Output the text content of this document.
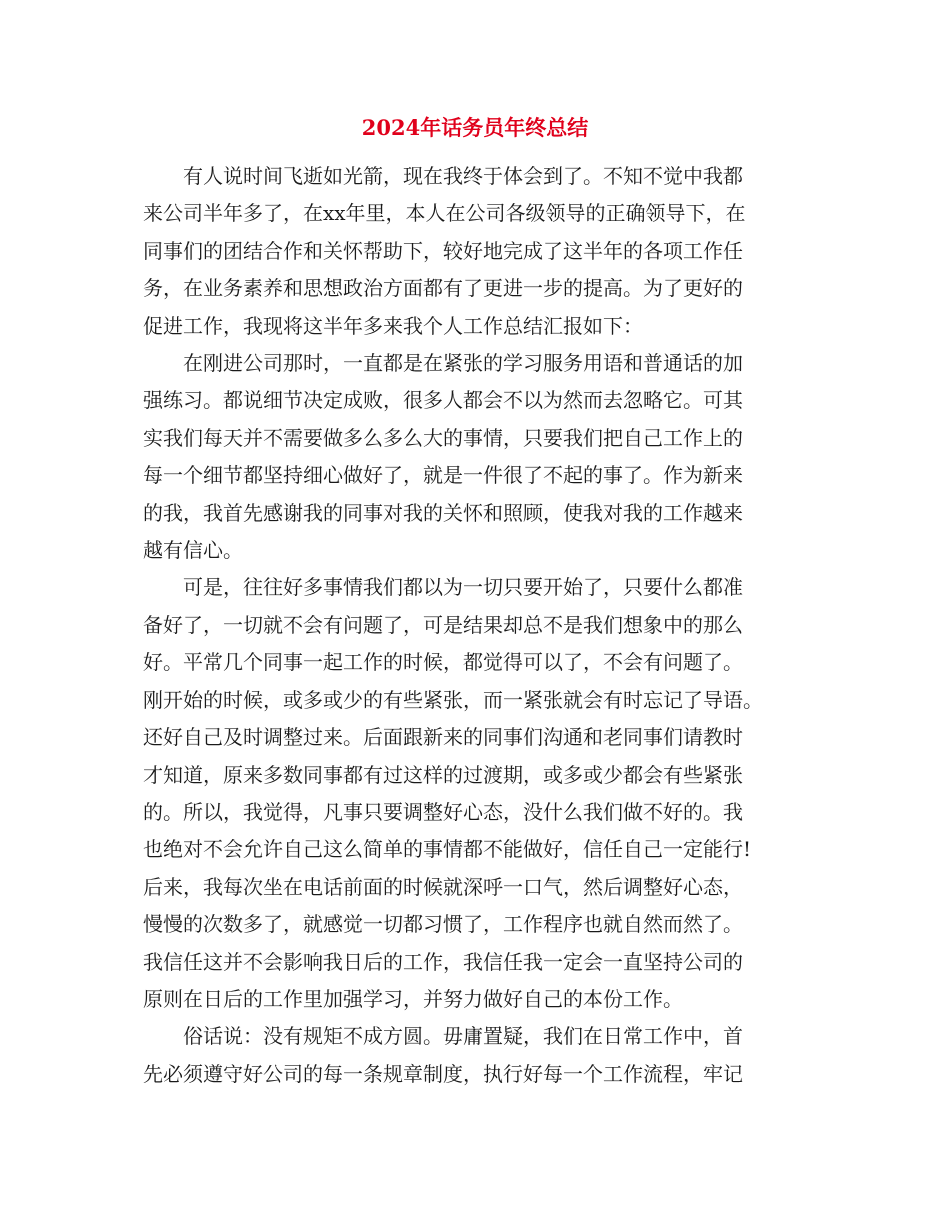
2024年话务员年终总结
有人说时间飞逝如光箭，现在我终于体会到了。不知不觉中我都
来公司半年多了，在xx年里，本人在公司各级领导的正确领导下，在
同事们的团结合作和关怀帮助下，较好地完成了这半年的各项工作任
务，在业务素养和思想政治方面都有了更进一步的提高。为了更好的
促进工作，我现将这半年多来我个人工作总结汇报如下：
在刚进公司那时，一直都是在紧张的学习服务用语和普通话的加
强练习。都说细节决定成败，很多人都会不以为然而去忽略它。可其
实我们每天并不需要做多么多么大的事情，只要我们把自己工作上的
每一个细节都坚持细心做好了，就是一件很了不起的事了。作为新来
的我，我首先感谢我的同事对我的关怀和照顾，使我对我的工作越来
越有信心。
可是，往往好多事情我们都以为一切只要开始了，只要什么都准
备好了，一切就不会有问题了，可是结果却总不是我们想象中的那么
好。平常几个同事一起工作的时候，都觉得可以了，不会有问题了。
刚开始的时候，或多或少的有些紧张，而一紧张就会有时忘记了导语。
还好自己及时调整过来。后面跟新来的同事们沟通和老同事们请教时
才知道，原来多数同事都有过这样的过渡期，或多或少都会有些紧张
的。所以，我觉得，凡事只要调整好心态，没什么我们做不好的。我
也绝对不会允许自己这么简单的事情都不能做好，信任自己一定能行!
后来，我每次坐在电话前面的时候就深呼一口气，然后调整好心态，
慢慢的次数多了，就感觉一切都习惯了，工作程序也就自然而然了。
我信任这并不会影响我日后的工作，我信任我一定会一直坚持公司的
原则在日后的工作里加强学习，并努力做好自己的本份工作。
俗话说：没有规矩不成方圆。毋庸置疑，我们在日常工作中，首
先必须遵守好公司的每一条规章制度，执行好每一个工作流程，牢记
